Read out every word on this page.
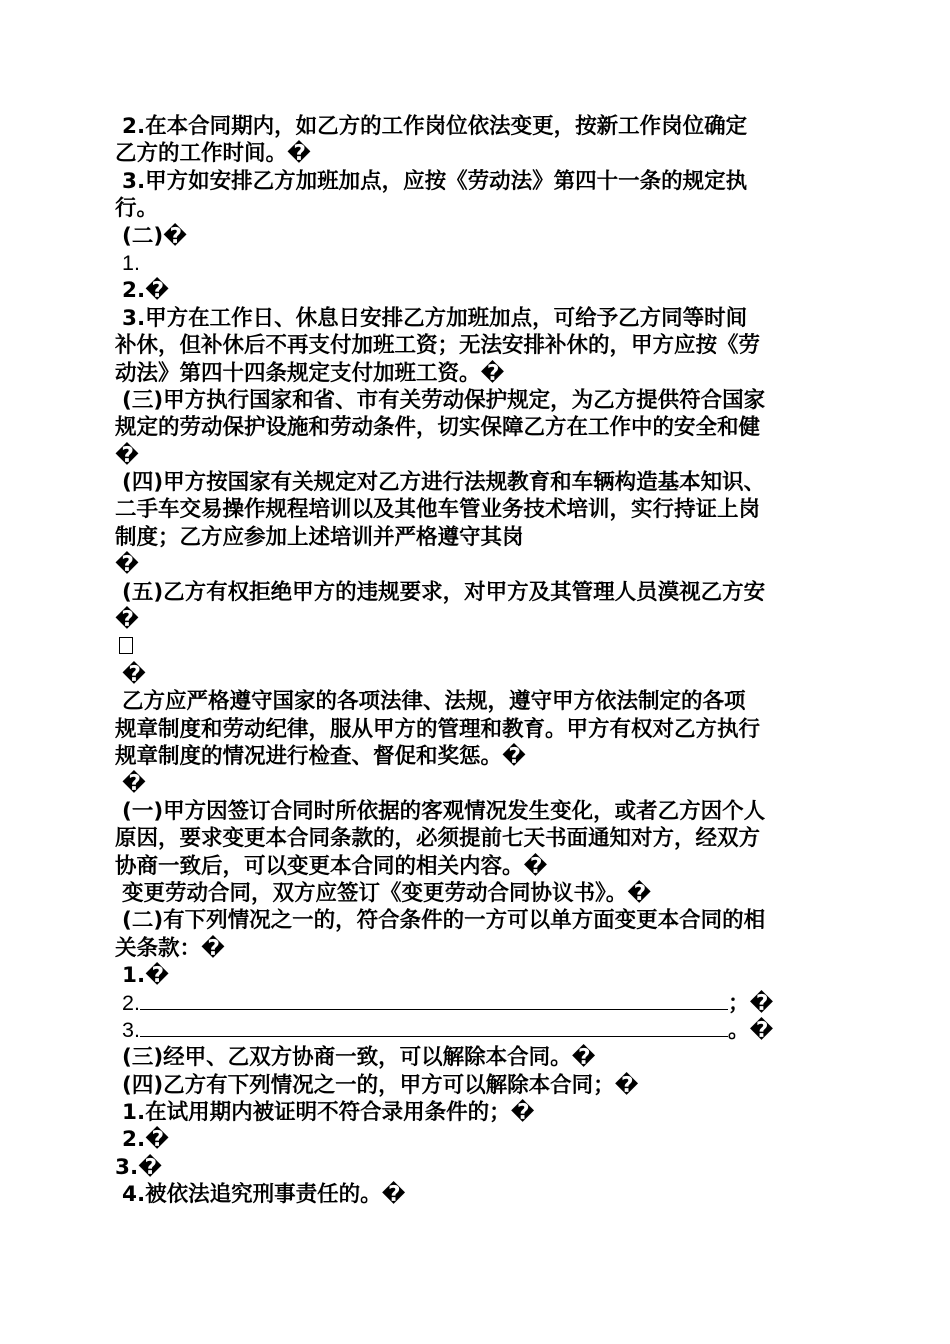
2.在本合同期内，如乙方的工作岗位依法变更，按新工作岗位确定
乙方的工作时间。�
3.甲方如安排乙方加班加点，应按《劳动法》第四十一条的规定执
行。
(二)�
1.
2.�
3.甲方在工作日、休息日安排乙方加班加点，可给予乙方同等时间
补休，但补休后不再支付加班工资；无法安排补休的，甲方应按《劳
动法》第四十四条规定支付加班工资。�
(三)甲方执行国家和省、市有关劳动保护规定，为乙方提供符合国家
规定的劳动保护设施和劳动条件，切实保障乙方在工作中的安全和健
�
(四)甲方按国家有关规定对乙方进行法规教育和车辆构造基本知识、
二手车交易操作规程培训以及其他车管业务技术培训，实行持证上岗
制度；乙方应参加上述培训并严格遵守其岗
�
(五)乙方有权拒绝甲方的违规要求，对甲方及其管理人员漠视乙方安
�
�
乙方应严格遵守国家的各项法律、法规，遵守甲方依法制定的各项
规章制度和劳动纪律，服从甲方的管理和教育。甲方有权对乙方执行
规章制度的情况进行检查、督促和奖惩。�
�
(一)甲方因签订合同时所依据的客观情况发生变化，或者乙方因个人
原因，要求变更本合同条款的，必须提前七天书面通知对方，经双方
协商一致后，可以变更本合同的相关内容。�
变更劳动合同，双方应签订《变更劳动合同协议书》。�
(二)有下列情况之一的，符合条件的一方可以单方面变更本合同的相
关条款：�
1.�
2.	；�
3.	。�
(三)经甲、乙双方协商一致，可以解除本合同。�
(四)乙方有下列情况之一的，甲方可以解除本合同；�
1.在试用期内被证明不符合录用条件的；�
2.�
3.�
4.被依法追究刑事责任的。�
